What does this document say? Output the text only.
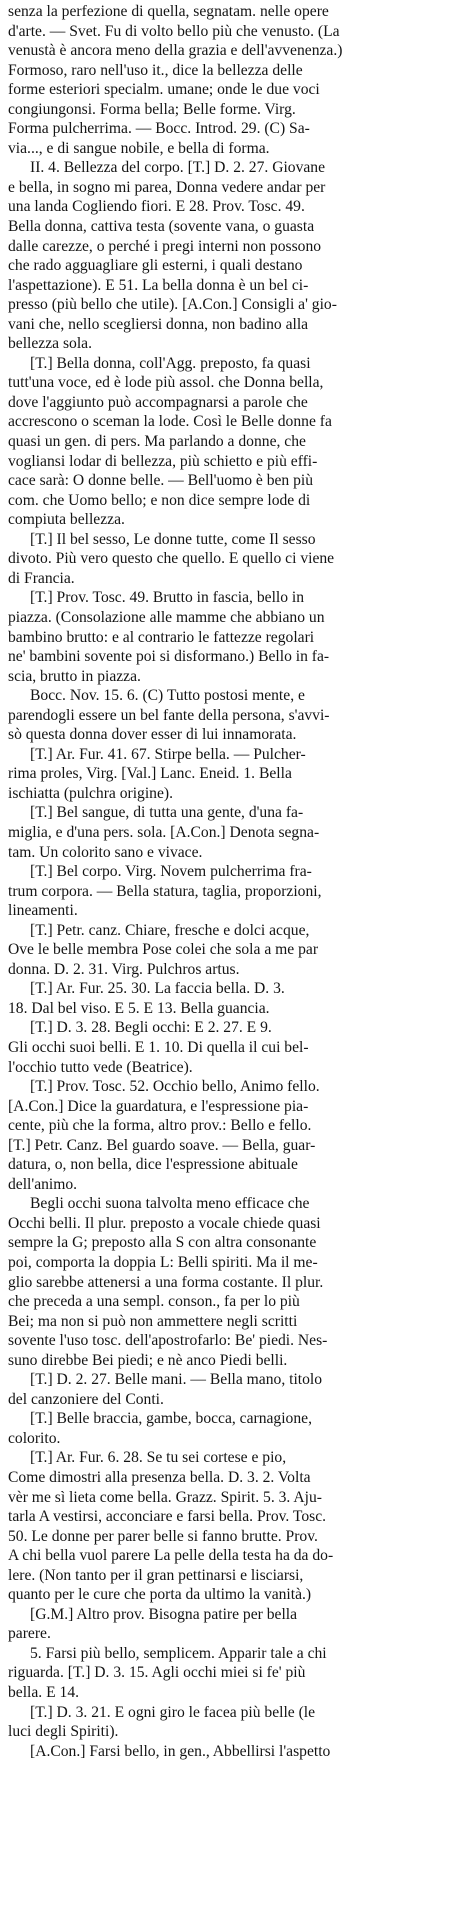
senza la perfezione di quella, segnatam. nelle opere
d'arte. — Svet. Fu di volto bello più che venusto. (La
venustà è ancora meno della grazia e dell'avvenenza.)
Formoso, raro nell'uso it., dice la bellezza delle
forme esteriori specialm. umane; onde le due voci
congiungonsi. Forma bella; Belle forme. Virg.
Forma pulcherrima. — Bocc. Introd. 29. (C) Sa-
via..., e di sangue nobile, e bella di forma.
II. 4. Bellezza del corpo. [T.] D. 2. 27. Giovane
e bella, in sogno mi parea, Donna vedere andar per
una landa Cogliendo fiori. E 28. Prov. Tosc. 49.
Bella donna, cattiva testa (sovente vana, o guasta
dalle carezze, o perché i pregi interni non possono
che rado agguagliare gli esterni, i quali destano
l'aspettazione). E 51. La bella donna è un bel ci-
presso (più bello che utile). [A.Con.] Consigli a' gio-
vani che, nello scegliersi donna, non badino alla
bellezza sola.
[T.] Bella donna, coll'Agg. preposto, fa quasi
tutt'una voce, ed è lode più assol. che Donna bella,
dove l'aggiunto può accompagnarsi a parole che
accrescono o sceman la lode. Così le Belle donne fa
quasi un gen. di pers. Ma parlando a donne, che
vogliansi lodar di bellezza, più schietto e più effi-
cace sarà: O donne belle. — Bell'uomo è ben più
com. che Uomo bello; e non dice sempre lode di
compiuta bellezza.
[T.] Il bel sesso, Le donne tutte, come Il sesso
divoto. Più vero questo che quello. E quello ci viene
di Francia.
[T.] Prov. Tosc. 49. Brutto in fascia, bello in
piazza. (Consolazione alle mamme che abbiano un
bambino brutto: e al contrario le fattezze regolari
ne' bambini sovente poi si disformano.) Bello in fa-
scia, brutto in piazza.
Bocc. Nov. 15. 6. (C) Tutto postosi mente, e
parendogli essere un bel fante della persona, s'avvi-
sò questa donna dover esser di lui innamorata.
[T.] Ar. Fur. 41. 67. Stirpe bella. — Pulcher-
rima proles, Virg. [Val.] Lanc. Eneid. 1. Bella
ischiatta (pulchra origine).
[T.] Bel sangue, di tutta una gente, d'una fa-
miglia, e d'una pers. sola. [A.Con.] Denota segna-
tam. Un colorito sano e vivace.
[T.] Bel corpo. Virg. Novem pulcherrima fra-
trum corpora. — Bella statura, taglia, proporzioni,
lineamenti.
[T.] Petr. canz. Chiare, fresche e dolci acque,
Ove le belle membra Pose colei che sola a me par
donna. D. 2. 31. Virg. Pulchros artus.
[T.] Ar. Fur. 25. 30. La faccia bella. D. 3.
18. Dal bel viso. E 5. E 13. Bella guancia.
[T.] D. 3. 28. Begli occhi: E 2. 27. E 9.
Gli occhi suoi belli. E 1. 10. Di quella il cui bel-
l'occhio tutto vede (Beatrice).
[T.] Prov. Tosc. 52. Occhio bello, Animo fello.
[A.Con.] Dice la guardatura, e l'espressione pia-
cente, più che la forma, altro prov.: Bello e fello.
[T.] Petr. Canz. Bel guardo soave. — Bella, guar-
datura, o, non bella, dice l'espressione abituale
dell'animo.
Begli occhi suona talvolta meno efficace che
Occhi belli. Il plur. preposto a vocale chiede quasi
sempre la G; preposto alla S con altra consonante
poi, comporta la doppia L: Belli spiriti. Ma il me-
glio sarebbe attenersi a una forma costante. Il plur.
che preceda a una sempl. conson., fa per lo più
Bei; ma non si può non ammettere negli scritti
sovente l'uso tosc. dell'apostrofarlo: Be' piedi. Nes-
suno direbbe Bei piedi; e nè anco Piedi belli.
[T.] D. 2. 27. Belle mani. — Bella mano, titolo
del canzoniere del Conti.
[T.] Belle braccia, gambe, bocca, carnagione,
colorito.
[T.] Ar. Fur. 6. 28. Se tu sei cortese e pio,
Come dimostri alla presenza bella. D. 3. 2. Volta
vèr me sì lieta come bella. Grazz. Spirit. 5. 3. Aju-
tarla A vestirsi, acconciare e farsi bella. Prov. Tosc.
50. Le donne per parer belle si fanno brutte. Prov.
A chi bella vuol parere La pelle della testa ha da do-
lere. (Non tanto per il gran pettinarsi e lisciarsi,
quanto per le cure che porta da ultimo la vanità.)
[G.M.] Altro prov. Bisogna patire per bella
parere.
5. Farsi più bello, semplicem. Apparir tale a chi
riguarda. [T.] D. 3. 15. Agli occhi miei si fe' più
bella. E 14.
[T.] D. 3. 21. E ogni giro le facea più belle (le
luci degli Spiriti).
[A.Con.] Farsi bello, in gen., Abbellirsi l'aspetto
